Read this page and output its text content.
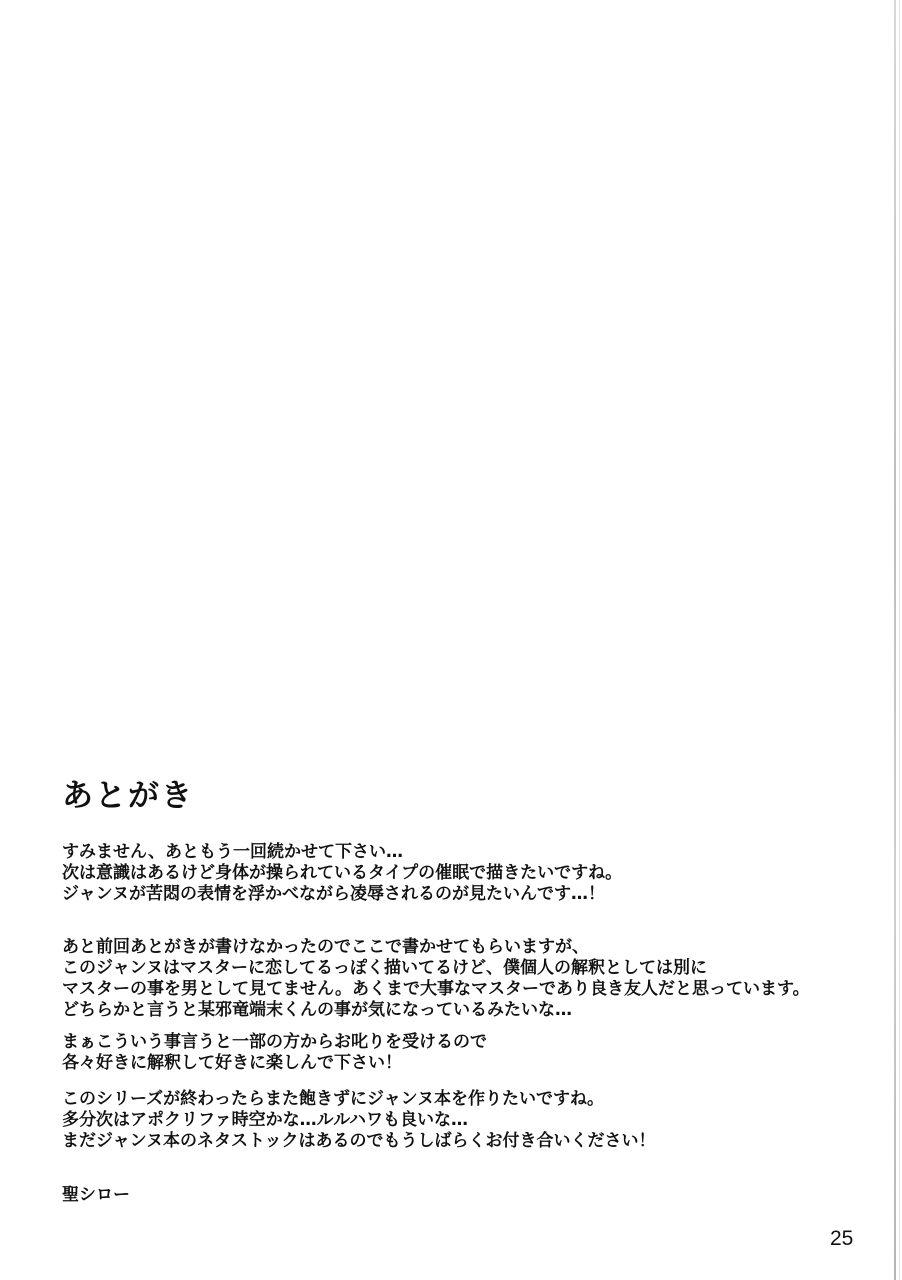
あとがき
すみません、あともう一回続かせて下さい…
次は意識はあるけど身体が操られているタイプの催眠で描きたいですね。
ジャンヌが苦悶の表情を浮かべながら凌辱されるのが見たいんです…！
あと前回あとがきが書けなかったのでここで書かせてもらいますが、
このジャンヌはマスターに恋してるっぽく描いてるけど、僕個人の解釈としては別に
マスターの事を男として見てません。あくまで大事なマスターであり良き友人だと思っています。
どちらかと言うと某邪竜端末くんの事が気になっているみたいな…
まぁこういう事言うと一部の方からお叱りを受けるので
各々好きに解釈して好きに楽しんで下さい！
このシリーズが終わったらまた飽きずにジャンヌ本を作りたいですね。
多分次はアポクリファ時空かな…ルルハワも良いな…
まだジャンヌ本のネタストックはあるのでもうしばらくお付き合いください！
聖シロー
25
